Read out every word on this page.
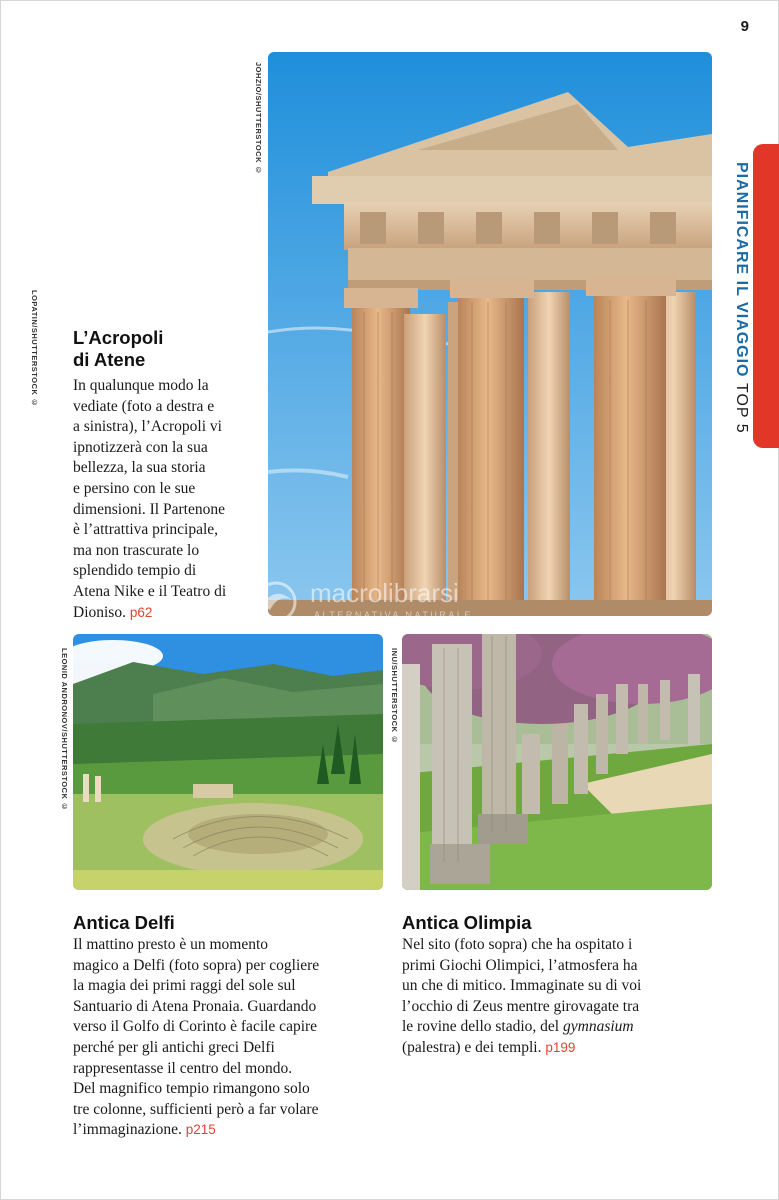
9
PIANIFICARE IL VIAGGIO TOP 5
JOHZIO/SHUTTERSTOCK ©
LOPATIN/SHUTTERSTOCK ©
LEONID ANDRONOV/SHUTTERSTOCK ©	INU/SHUTTERSTOCK ©
L’Acropoli
di Atene
In qualunque modo la
vediate (foto a destra e
a sinistra), l’Acropoli vi
ipnotizzerà con la sua
bellezza, la sua storia
e persino con le sue
dimensioni. Il Partenone
è l’attrattiva principale,
ma non trascurate lo
splendido tempio di
Atena Nike e il Teatro di
Dioniso. p62
macrolibrarsi
ALTERNATIVA NATURALE
Antica Delfi
Il mattino presto è un momento
magico a Delfi (foto sopra) per cogliere
la magia dei primi raggi del sole sul
Santuario di Atena Pronaia. Guardando
verso il Golfo di Corinto è facile capire
perché per gli antichi greci Delfi
rappresentasse il centro del mondo.
Del magnifico tempio rimangono solo
tre colonne, sufficienti però a far volare
l’immaginazione. p215
Antica Olimpia
Nel sito (foto sopra) che ha ospitato i
primi Giochi Olimpici, l’atmosfera ha
un che di mitico. Immaginate su di voi
l’occhio di Zeus mentre girovagate tra
le rovine dello stadio, del gymnasium
(palestra) e dei templi. p199
